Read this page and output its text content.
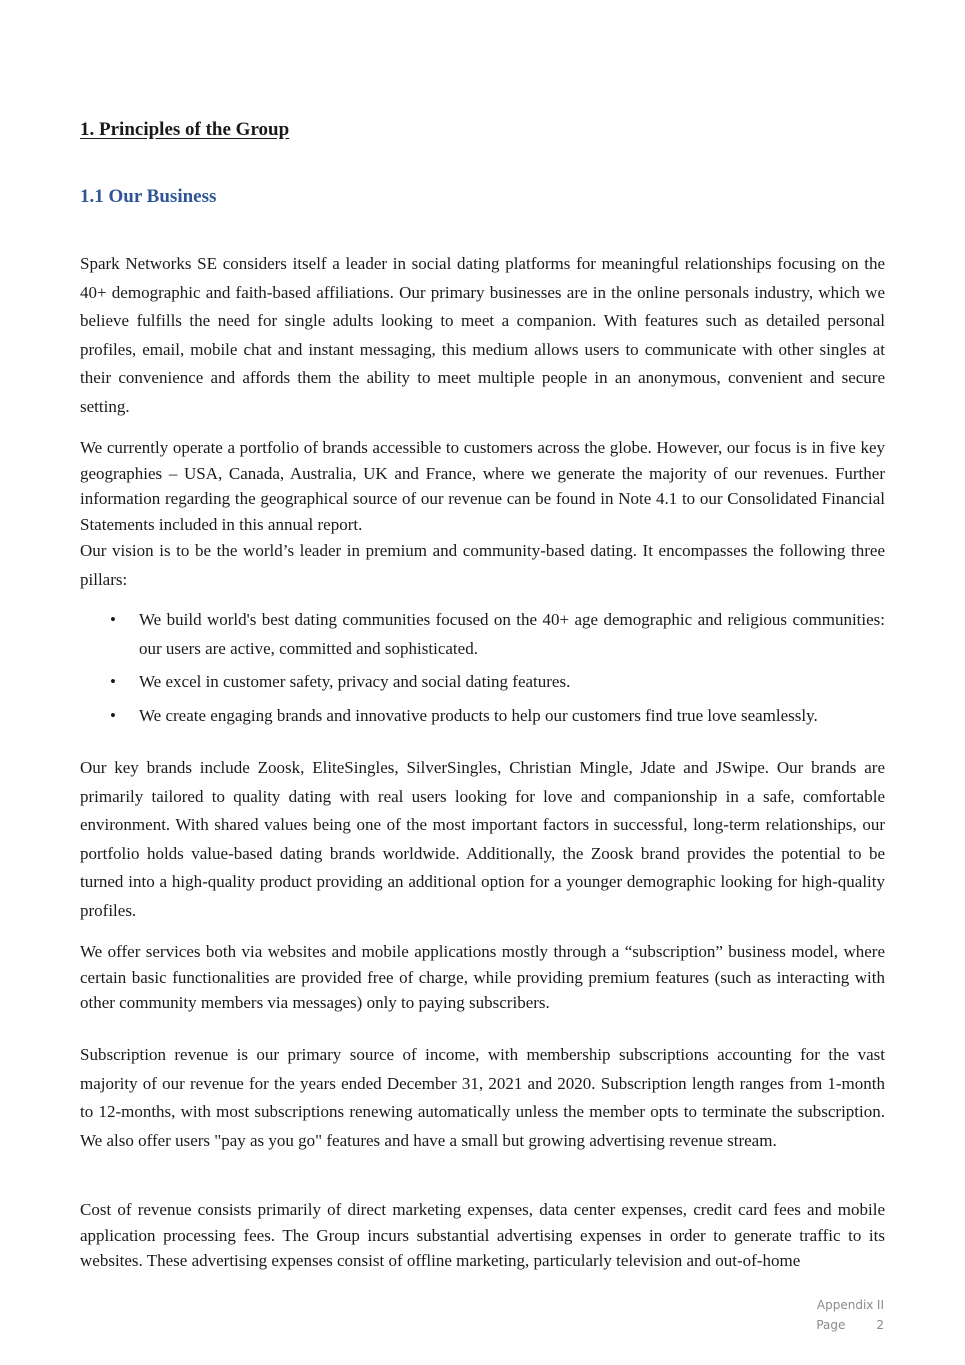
1. Principles of the Group
1.1 Our Business

Spark Networks SE considers itself a leader in social dating platforms for meaningful relationships focusing on the 40+ demographic and faith-based affiliations. Our primary businesses are in the online personals industry, which we believe fulfills the need for single adults looking to meet a companion. With features such as detailed personal profiles, email, mobile chat and instant messaging, this medium allows users to communicate with other singles at their convenience and affords them the ability to meet multiple people in an anonymous, convenient and secure setting.

We currently operate a portfolio of brands accessible to customers across the globe. However, our focus is in five key geographies – USA, Canada, Australia, UK and France, where we generate the majority of our revenues. Further information regarding the geographical source of our revenue can be found in Note 4.1 to our Consolidated Financial Statements included in this annual report.

Our vision is to be the world’s leader in premium and community-based dating. It encompasses the following three pillars:

• We build world's best dating communities focused on the 40+ age demographic and religious communities: our users are active, committed and sophisticated.
• We excel in customer safety, privacy and social dating features.
• We create engaging brands and innovative products to help our customers find true love seamlessly.

Our key brands include Zoosk, EliteSingles, SilverSingles, Christian Mingle, Jdate and JSwipe. Our brands are primarily tailored to quality dating with real users looking for love and companionship in a safe, comfortable environment. With shared values being one of the most important factors in successful, long-term relationships, our portfolio holds value-based dating brands worldwide. Additionally, the Zoosk brand provides the potential to be turned into a high-quality product providing an additional option for a younger demographic looking for high-quality profiles.

We offer services both via websites and mobile applications mostly through a “subscription” business model, where certain basic functionalities are provided free of charge, while providing premium features (such as interacting with other community members via messages) only to paying subscribers.

Subscription revenue is our primary source of income, with membership subscriptions accounting for the vast majority of our revenue for the years ended December 31, 2021 and 2020. Subscription length ranges from 1-month to 12-months, with most subscriptions renewing automatically unless the member opts to terminate the subscription. We also offer users "pay as you go" features and have a small but growing advertising revenue stream.

Cost of revenue consists primarily of direct marketing expenses, data center expenses, credit card fees and mobile application processing fees. The Group incurs substantial advertising expenses in order to generate traffic to its websites. These advertising expenses consist of offline marketing, particularly television and out-of-home

Appendix II
Page	2
